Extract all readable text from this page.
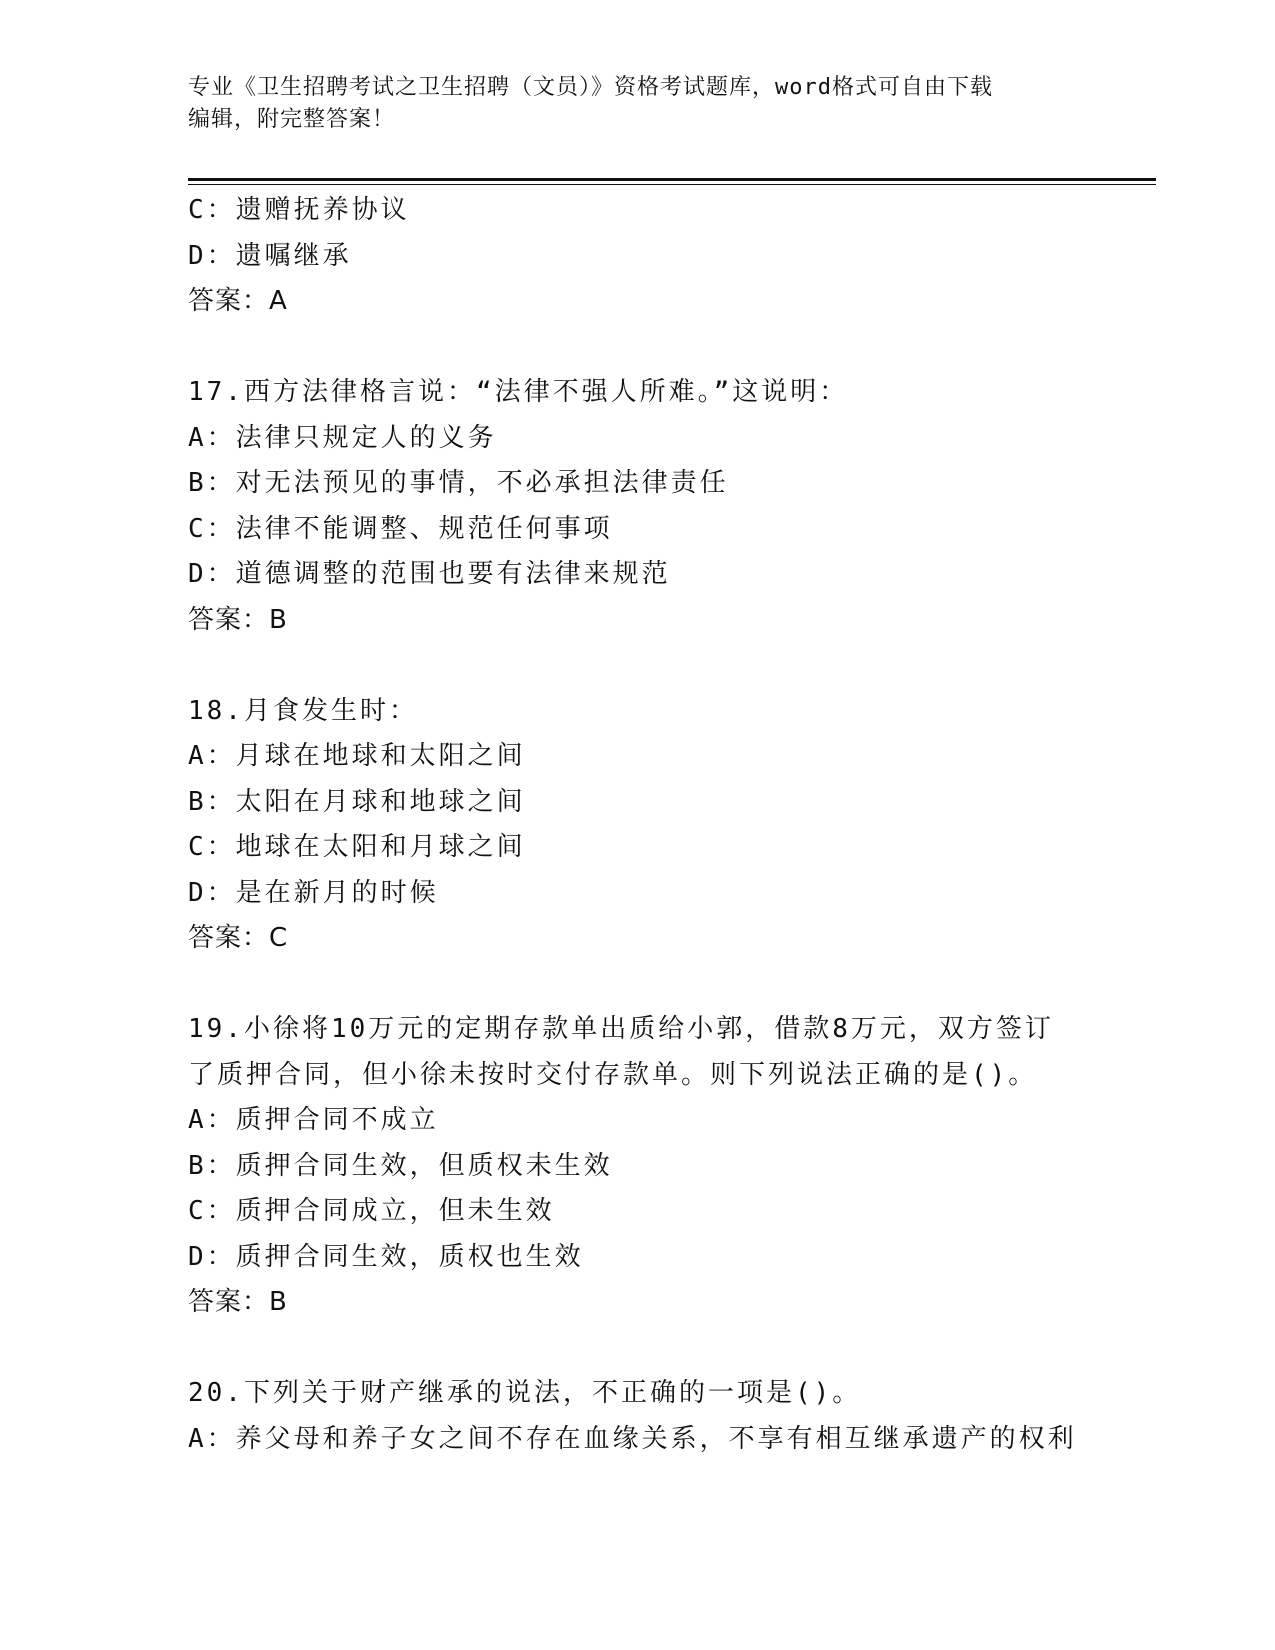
专业《卫生招聘考试之卫生招聘（文员）》资格考试题库，word格式可自由下载
编辑，附完整答案！
C：遗赠抚养协议
D：遗嘱继承
答案：A
17.西方法律格言说：“法律不强人所难。”这说明：
A：法律只规定人的义务
B：对无法预见的事情，不必承担法律责任
C：法律不能调整、规范任何事项
D：道德调整的范围也要有法律来规范
答案：B
18.月食发生时：
A：月球在地球和太阳之间
B：太阳在月球和地球之间
C：地球在太阳和月球之间
D：是在新月的时候
答案：C
19.小徐将10万元的定期存款单出质给小郭，借款8万元，双方签订
了质押合同，但小徐未按时交付存款单。则下列说法正确的是()。
A：质押合同不成立
B：质押合同生效，但质权未生效
C：质押合同成立，但未生效
D：质押合同生效，质权也生效
答案：B
20.下列关于财产继承的说法，不正确的一项是()。
A：养父母和养子女之间不存在血缘关系，不享有相互继承遗产的权利
